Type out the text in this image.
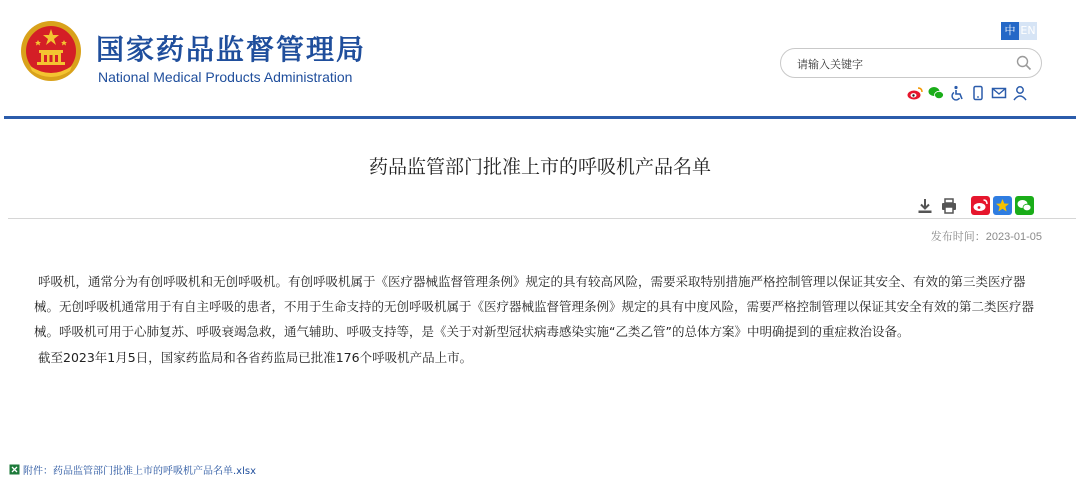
国家药品监督管理局
National Medical Products Administration
中 EN
请输入关键字
药品监管部门批准上市的呼吸机产品名单
发布时间：2023-01-05

呼吸机，通常分为有创呼吸机和无创呼吸机。有创呼吸机属于《医疗器械监督管理条例》规定的具有较高风险，需要采取特别措施严格控制管理以保证其安全、有效的第三类医疗器械。无创呼吸机通常用于有自主呼吸的患者，不用于生命支持的无创呼吸机属于《医疗器械监督管理条例》规定的具有中度风险，需要严格控制管理以保证其安全有效的第二类医疗器械。呼吸机可用于心肺复苏、呼吸衰竭急救，通气辅助、呼吸支持等，是《关于对新型冠状病毒感染实施“乙类乙管”的总体方案》中明确提到的重症救治设备。

截至2023年1月5日，国家药监局和各省药监局已批准176个呼吸机产品上市。

附件： 药品监管部门批准上市的呼吸机产品名单.xlsx
